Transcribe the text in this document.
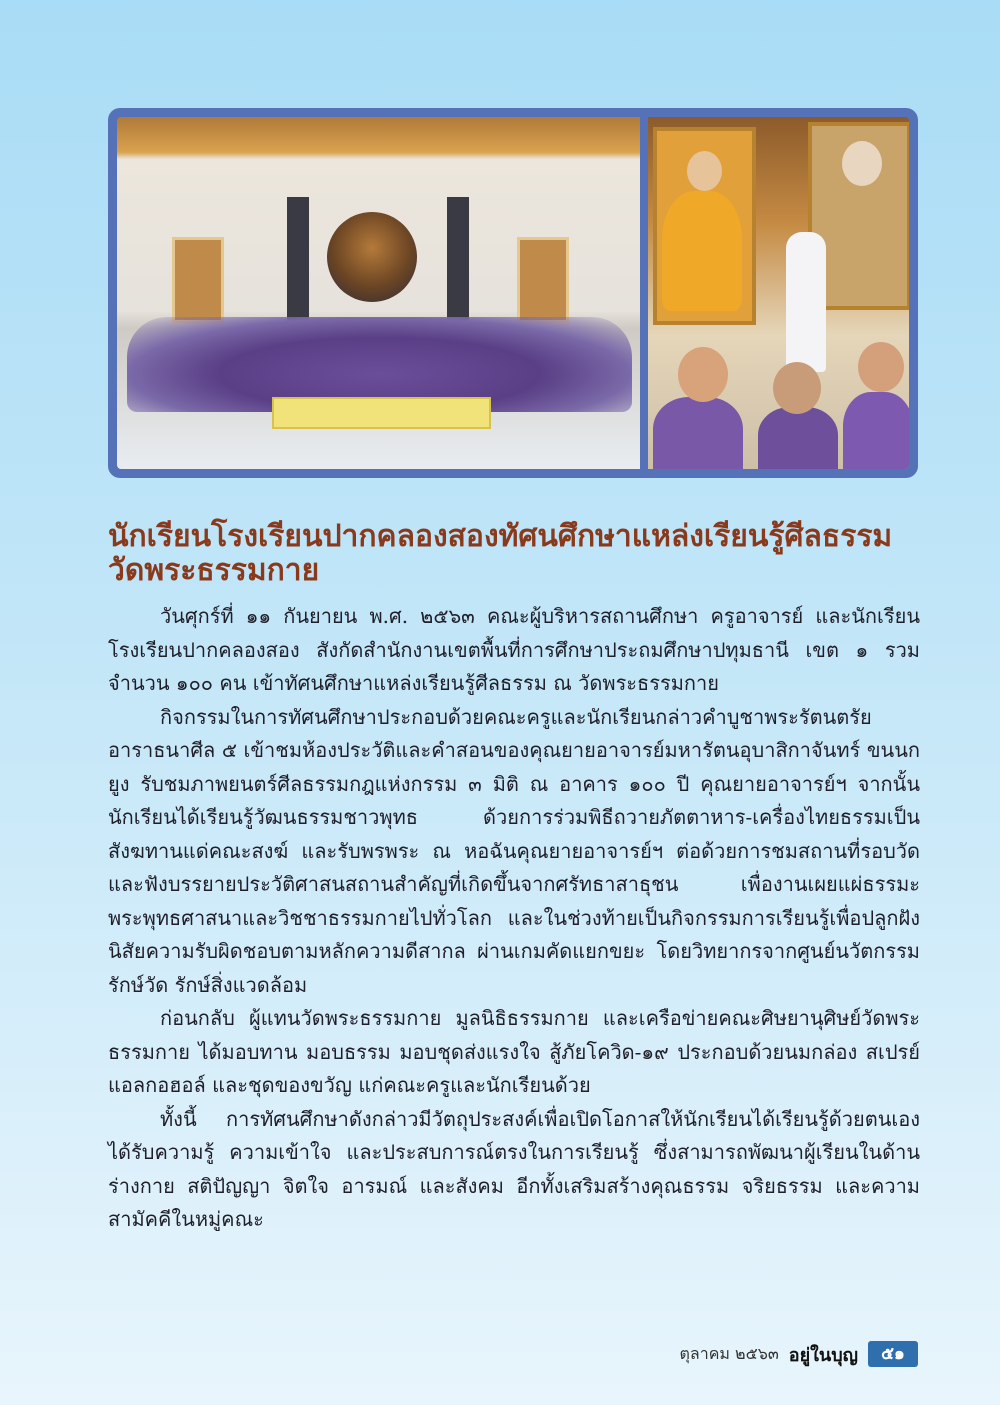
นักเรียนโรงเรียนปากคลองสองทัศนศึกษาแหล่งเรียนรู้ศีลธรรม วัดพระธรรมกาย

วันศุกร์ที่ ๑๑ กันยายน พ.ศ. ๒๕๖๓ คณะผู้บริหารสถานศึกษา ครูอาจารย์ และนักเรียนโรงเรียนปากคลองสอง สังกัดสำนักงานเขตพื้นที่การศึกษาประถมศึกษาปทุมธานี เขต ๑ รวมจำนวน ๑๐๐ คน เข้าทัศนศึกษาแหล่งเรียนรู้ศีลธรรม ณ วัดพระธรรมกาย

กิจกรรมในการทัศนศึกษาประกอบด้วยคณะครูและนักเรียนกล่าวคำบูชาพระรัตนตรัย อาราธนาศีล ๕ เข้าชมห้องประวัติและคำสอนของคุณยายอาจารย์มหารัตนอุบาสิกาจันทร์ ขนนกยูง รับชมภาพยนตร์ศีลธรรมกฎแห่งกรรม ๓ มิติ ณ อาคาร ๑๐๐ ปี คุณยายอาจารย์ฯ จากนั้นนักเรียนได้เรียนรู้วัฒนธรรมชาวพุทธ ด้วยการร่วมพิธีถวายภัตตาหาร-เครื่องไทยธรรมเป็นสังฆทานแด่คณะสงฆ์ และรับพรพระ ณ หอฉันคุณยายอาจารย์ฯ ต่อด้วยการชมสถานที่รอบวัด และฟังบรรยายประวัติศาสนสถานสำคัญที่เกิดขึ้นจากศรัทธาสาธุชน เพื่องานเผยแผ่ธรรมะ พระพุทธศาสนาและวิชชาธรรมกายไปทั่วโลก และในช่วงท้ายเป็นกิจกรรมการเรียนรู้เพื่อปลูกฝังนิสัยความรับผิดชอบตามหลักความดีสากล ผ่านเกมคัดแยกขยะ โดยวิทยากรจากศูนย์นวัตกรรมรักษ์วัด รักษ์สิ่งแวดล้อม

ก่อนกลับ ผู้แทนวัดพระธรรมกาย มูลนิธิธรรมกาย และเครือข่ายคณะศิษยานุศิษย์วัดพระธรรมกาย ได้มอบทาน มอบธรรม มอบชุดส่งแรงใจ สู้ภัยโควิด-๑๙ ประกอบด้วยนมกล่อง สเปรย์แอลกอฮอล์ และชุดของขวัญ แก่คณะครูและนักเรียนด้วย

ทั้งนี้ การทัศนศึกษาดังกล่าวมีวัตถุประสงค์เพื่อเปิดโอกาสให้นักเรียนได้เรียนรู้ด้วยตนเอง ได้รับความรู้ ความเข้าใจ และประสบการณ์ตรงในการเรียนรู้ ซึ่งสามารถพัฒนาผู้เรียนในด้านร่างกาย สติปัญญา จิตใจ อารมณ์ และสังคม อีกทั้งเสริมสร้างคุณธรรม จริยธรรม และความสามัคคีในหมู่คณะ

ตุลาคม ๒๕๖๓ อยู่ในบุญ	๕๑
